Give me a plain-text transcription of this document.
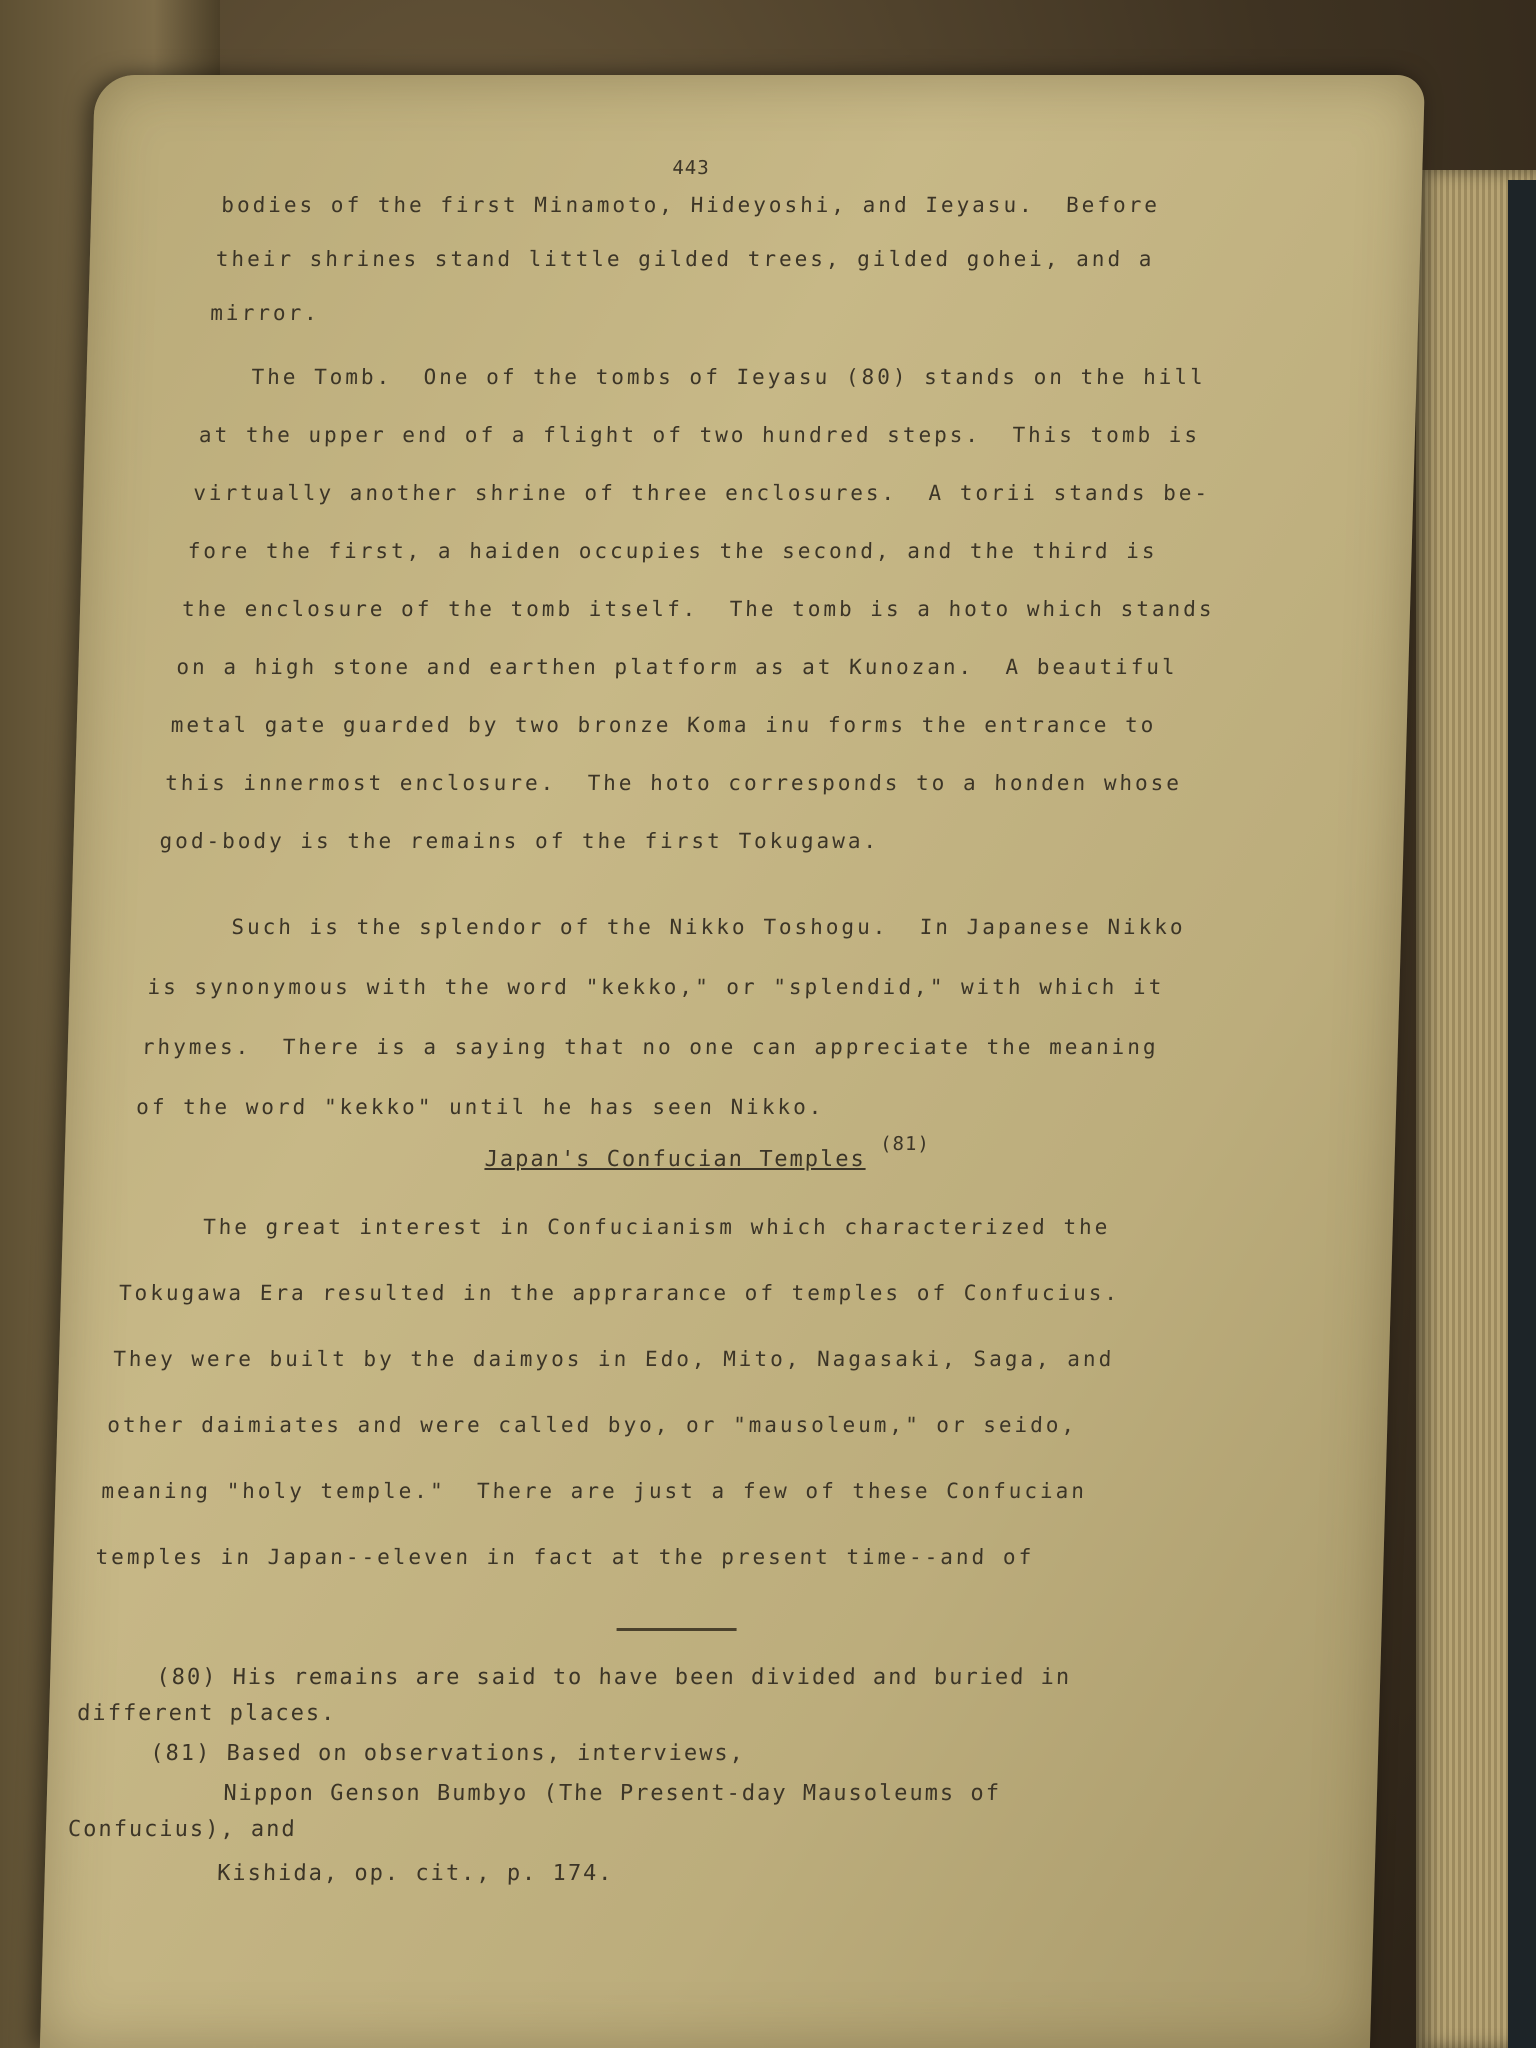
443

bodies of the first Minamoto, Hideyoshi, and Ieyasu.  Before

their shrines stand little gilded trees, gilded gohei, and a

mirror.

The Tomb.  One of the tombs of Ieyasu (80) stands on the hill

at the upper end of a flight of two hundred steps.  This tomb is

virtually another shrine of three enclosures.  A torii stands be-

fore the first, a haiden occupies the second, and the third is

the enclosure of the tomb itself.  The tomb is a hoto which stands

on a high stone and earthen platform as at Kunozan.  A beautiful

metal gate guarded by two bronze Koma inu forms the entrance to

this innermost enclosure.  The hoto corresponds to a honden whose

god-body is the remains of the first Tokugawa.

Such is the splendor of the Nikko Toshogu.  In Japanese Nikko

is synonymous with the word "kekko," or "splendid," with which it

rhymes.  There is a saying that no one can appreciate the meaning

of the word "kekko" until he has seen Nikko.

(81)

Japan's Confucian Temples

The great interest in Confucianism which characterized the

Tokugawa Era resulted in the apprarance of temples of Confucius.

They were built by the daimyos in Edo, Mito, Nagasaki, Saga, and

other daimiates and were called byo, or "mausoleum," or seido,

meaning "holy temple."  There are just a few of these Confucian

temples in Japan--eleven in fact at the present time--and of

(80) His remains are said to have been divided and buried in

different places.

(81) Based on observations, interviews,

Nippon Genson Bumbyo (The Present-day Mausoleums of

Confucius), and

Kishida, op. cit., p. 174.
